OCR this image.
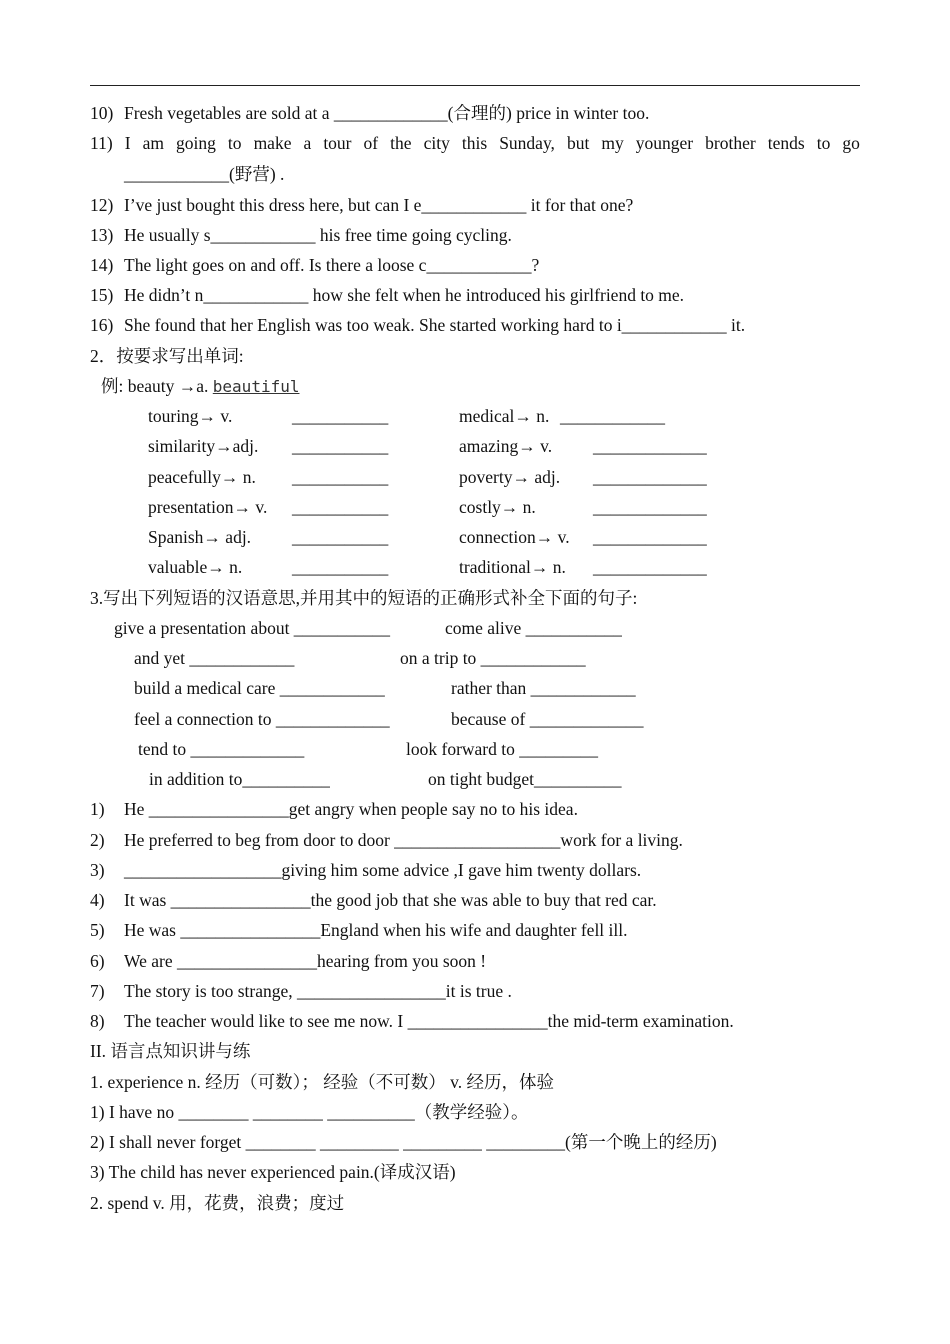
10) Fresh vegetables are sold at a _____________(合理的) price in winter too.
11) I am going to make a tour of the city this Sunday, but my younger brother tends to go
____________(野营) .
12) I’ve just bought this dress here, but can I e____________ it for that one?
13) He usually s____________ his free time going cycling.
14) The light goes on and off. Is there a loose c____________?
15) He didn’t n____________ how she felt when he introduced his girlfriend to me.
16) She found that her English was too weak. She started working hard to i____________ it.
2．按要求写出单词:
例: beauty →a. beautiful
touring→ v.	___________	medical→ n. ____________
similarity→adj. ___________	amazing→ v. _____________
peacefully→ n. ___________	poverty→ adj. _____________
presentation→ v. ___________	costly→ n.	_____________
Spanish→ adj. ___________	connection→ v. _____________
valuable→ n.	___________	traditional→ n. _____________
3.写出下列短语的汉语意思,并用其中的短语的正确形式补全下面的句子:
give a presentation about ___________	come alive ___________
and yet ____________	on a trip to ____________
build a medical care ____________	rather than ____________
feel a connection to _____________	because of _____________
tend to _____________	look forward to _________
in addition to__________	on tight budget__________
1) He ________________get angry when people say no to his idea.
2) He preferred to beg from door to door ___________________work for a living.
3) __________________giving him some advice ,I gave him twenty dollars.
4) It was ________________the good job that she was able to buy that red car.
5) He was ________________England when his wife and daughter fell ill.
6) We are ________________hearing from you soon !
7) The story is too strange, _________________it is true .
8) The teacher would like to see me now. I ________________the mid-term examination.
II. 语言点知识讲与练
1. experience n. 经历（可数）； 经验（不可数） v. 经历，体验
1) I have no ________ ________ __________（教学经验）。
2) I shall never forget ________ _________ _________ _________(第一个晚上的经历)
3) The child has never experienced pain.(译成汉语)
2. spend v. 用，花费，浪费；度过
